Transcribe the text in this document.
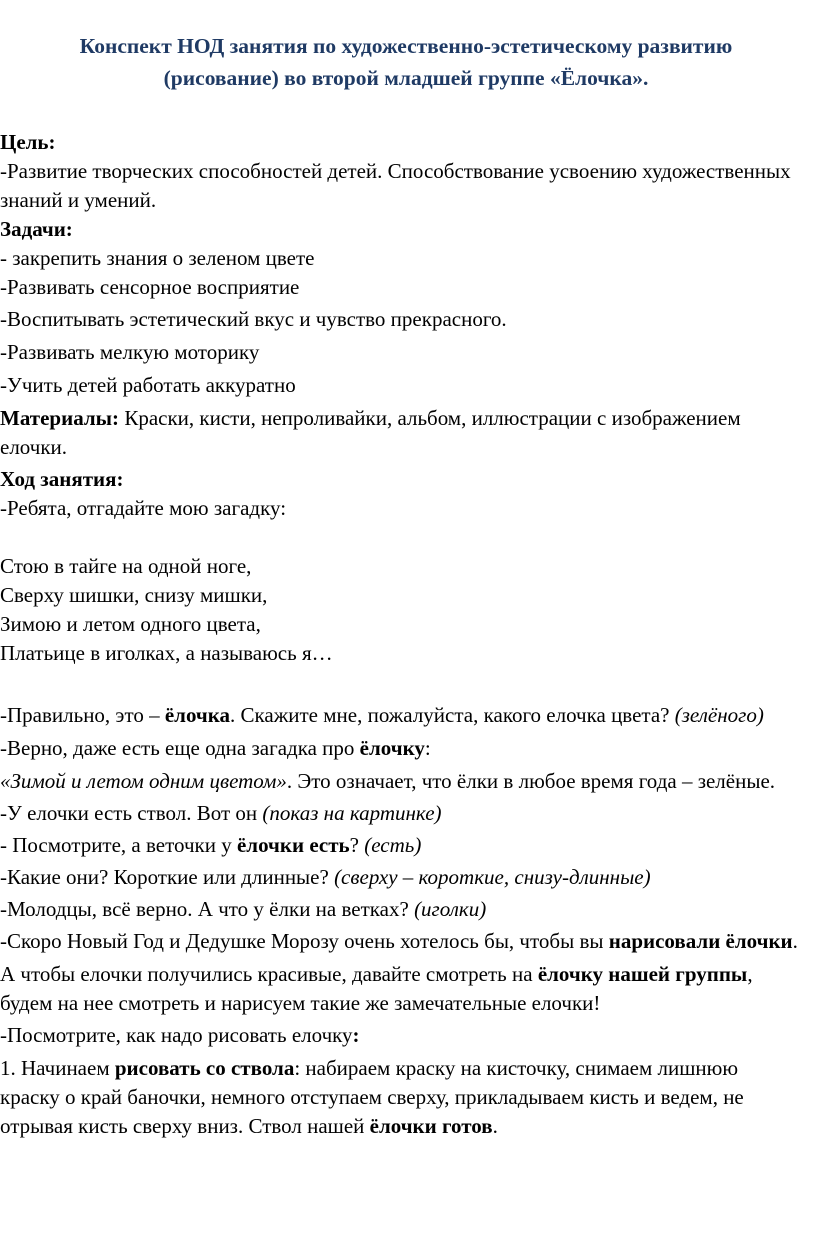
Конспект НОД занятия по художественно-эстетическому развитию
(рисование) во второй младшей группе «Ёлочка».

Цель:

-Развитие творческих способностей детей. Способствование усвоению художественных знаний и умений.

Задачи:

- закрепить знания о зеленом цвете

-Развивать сенсорное восприятие

-Воспитывать эстетический вкус и чувство прекрасного.

-Развивать мелкую моторику

-Учить детей работать аккуратно

Материалы: Краски, кисти, непроливайки, альбом, иллюстрации с изображением елочки.

Ход занятия:

-Ребята, отгадайте мою загадку:

Стою в тайге на одной ноге,

Сверху шишки, снизу мишки,

Зимою и летом одного цвета,

Платьице в иголках, а называюсь я…

-Правильно, это – ёлочка. Скажите мне, пожалуйста, какого елочка цвета? (зелёного)

-Верно, даже есть еще одна загадка про ёлочку:

«Зимой и летом одним цветом». Это означает, что ёлки в любое время года – зелёные.

-У елочки есть ствол. Вот он (показ на картинке)

- Посмотрите, а веточки у ёлочки есть? (есть)

-Какие они? Короткие или длинные? (сверху – короткие, снизу-длинные)

-Молодцы, всё верно. А что у ёлки на ветках? (иголки)

-Скоро Новый Год и Дедушке Морозу очень хотелось бы, чтобы вы нарисовали ёлочки.

А чтобы елочки получились красивые, давайте смотреть на ёлочку нашей группы, будем на нее смотреть и нарисуем такие же замечательные елочки!

-Посмотрите, как надо рисовать елочку:

1. Начинаем рисовать со ствола: набираем краску на кисточку, снимаем лишнюю краску о край баночки, немного отступаем сверху, прикладываем кисть и ведем, не отрывая кисть сверху вниз. Ствол нашей ёлочки готов.
